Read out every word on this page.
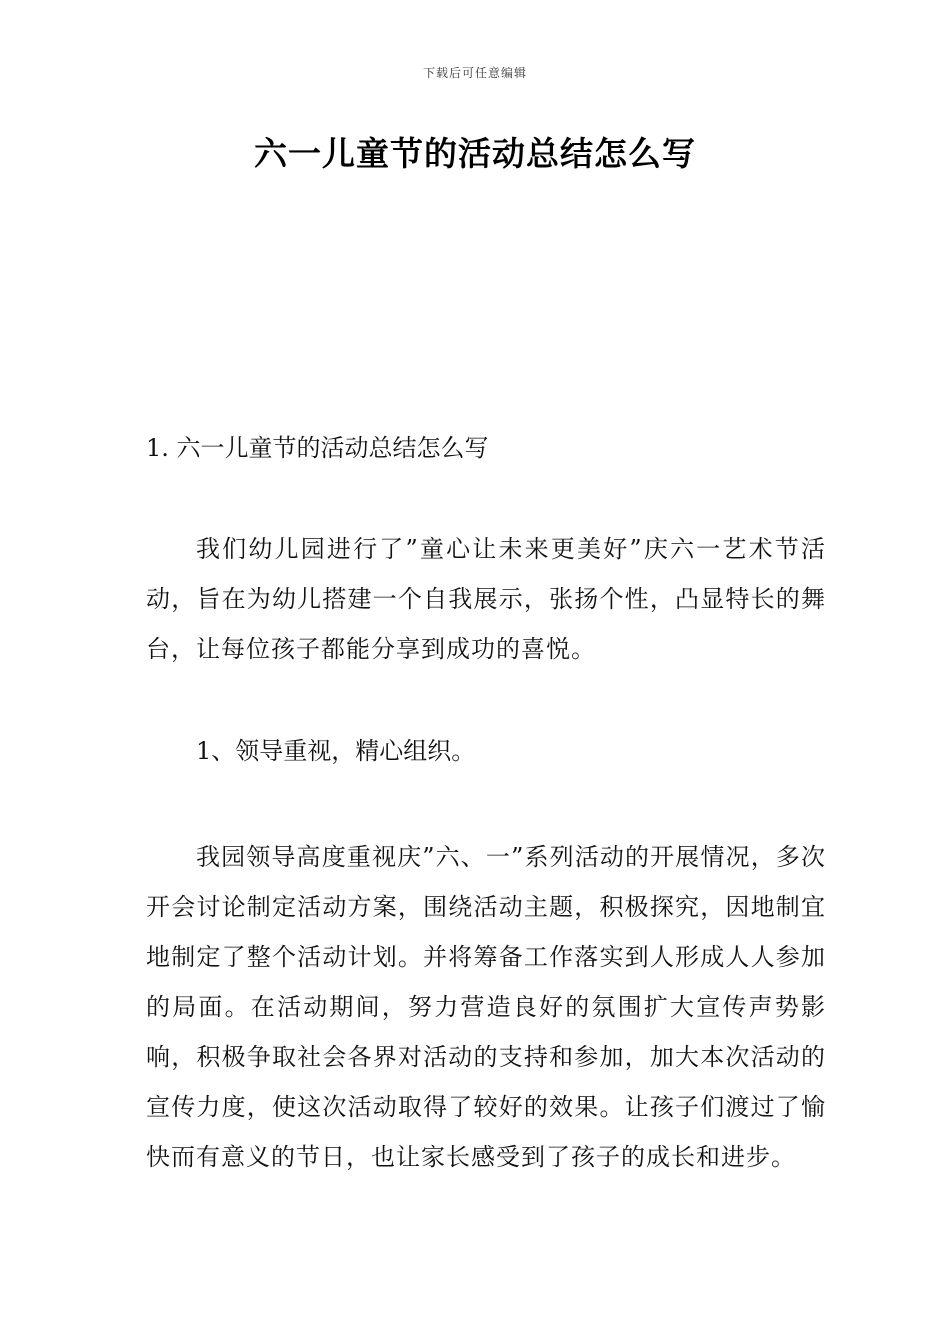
下载后可任意编辑
六一儿童节的活动总结怎么写

1. 六一儿童节的活动总结怎么写

我们幼儿园进行了”童心让未来更美好”庆六一艺术节活动，旨在为幼儿搭建一个自我展示，张扬个性，凸显特长的舞台，让每位孩子都能分享到成功的喜悦。

1、领导重视，精心组织。

我园领导高度重视庆”六、一”系列活动的开展情况，多次开会讨论制定活动方案，围绕活动主题，积极探究，因地制宜地制定了整个活动计划。并将筹备工作落实到人形成人人参加的局面。在活动期间，努力营造良好的氛围扩大宣传声势影响，积极争取社会各界对活动的支持和参加，加大本次活动的宣传力度，使这次活动取得了较好的效果。让孩子们渡过了愉快而有意义的节日，也让家长感受到了孩子的成长和进步。
